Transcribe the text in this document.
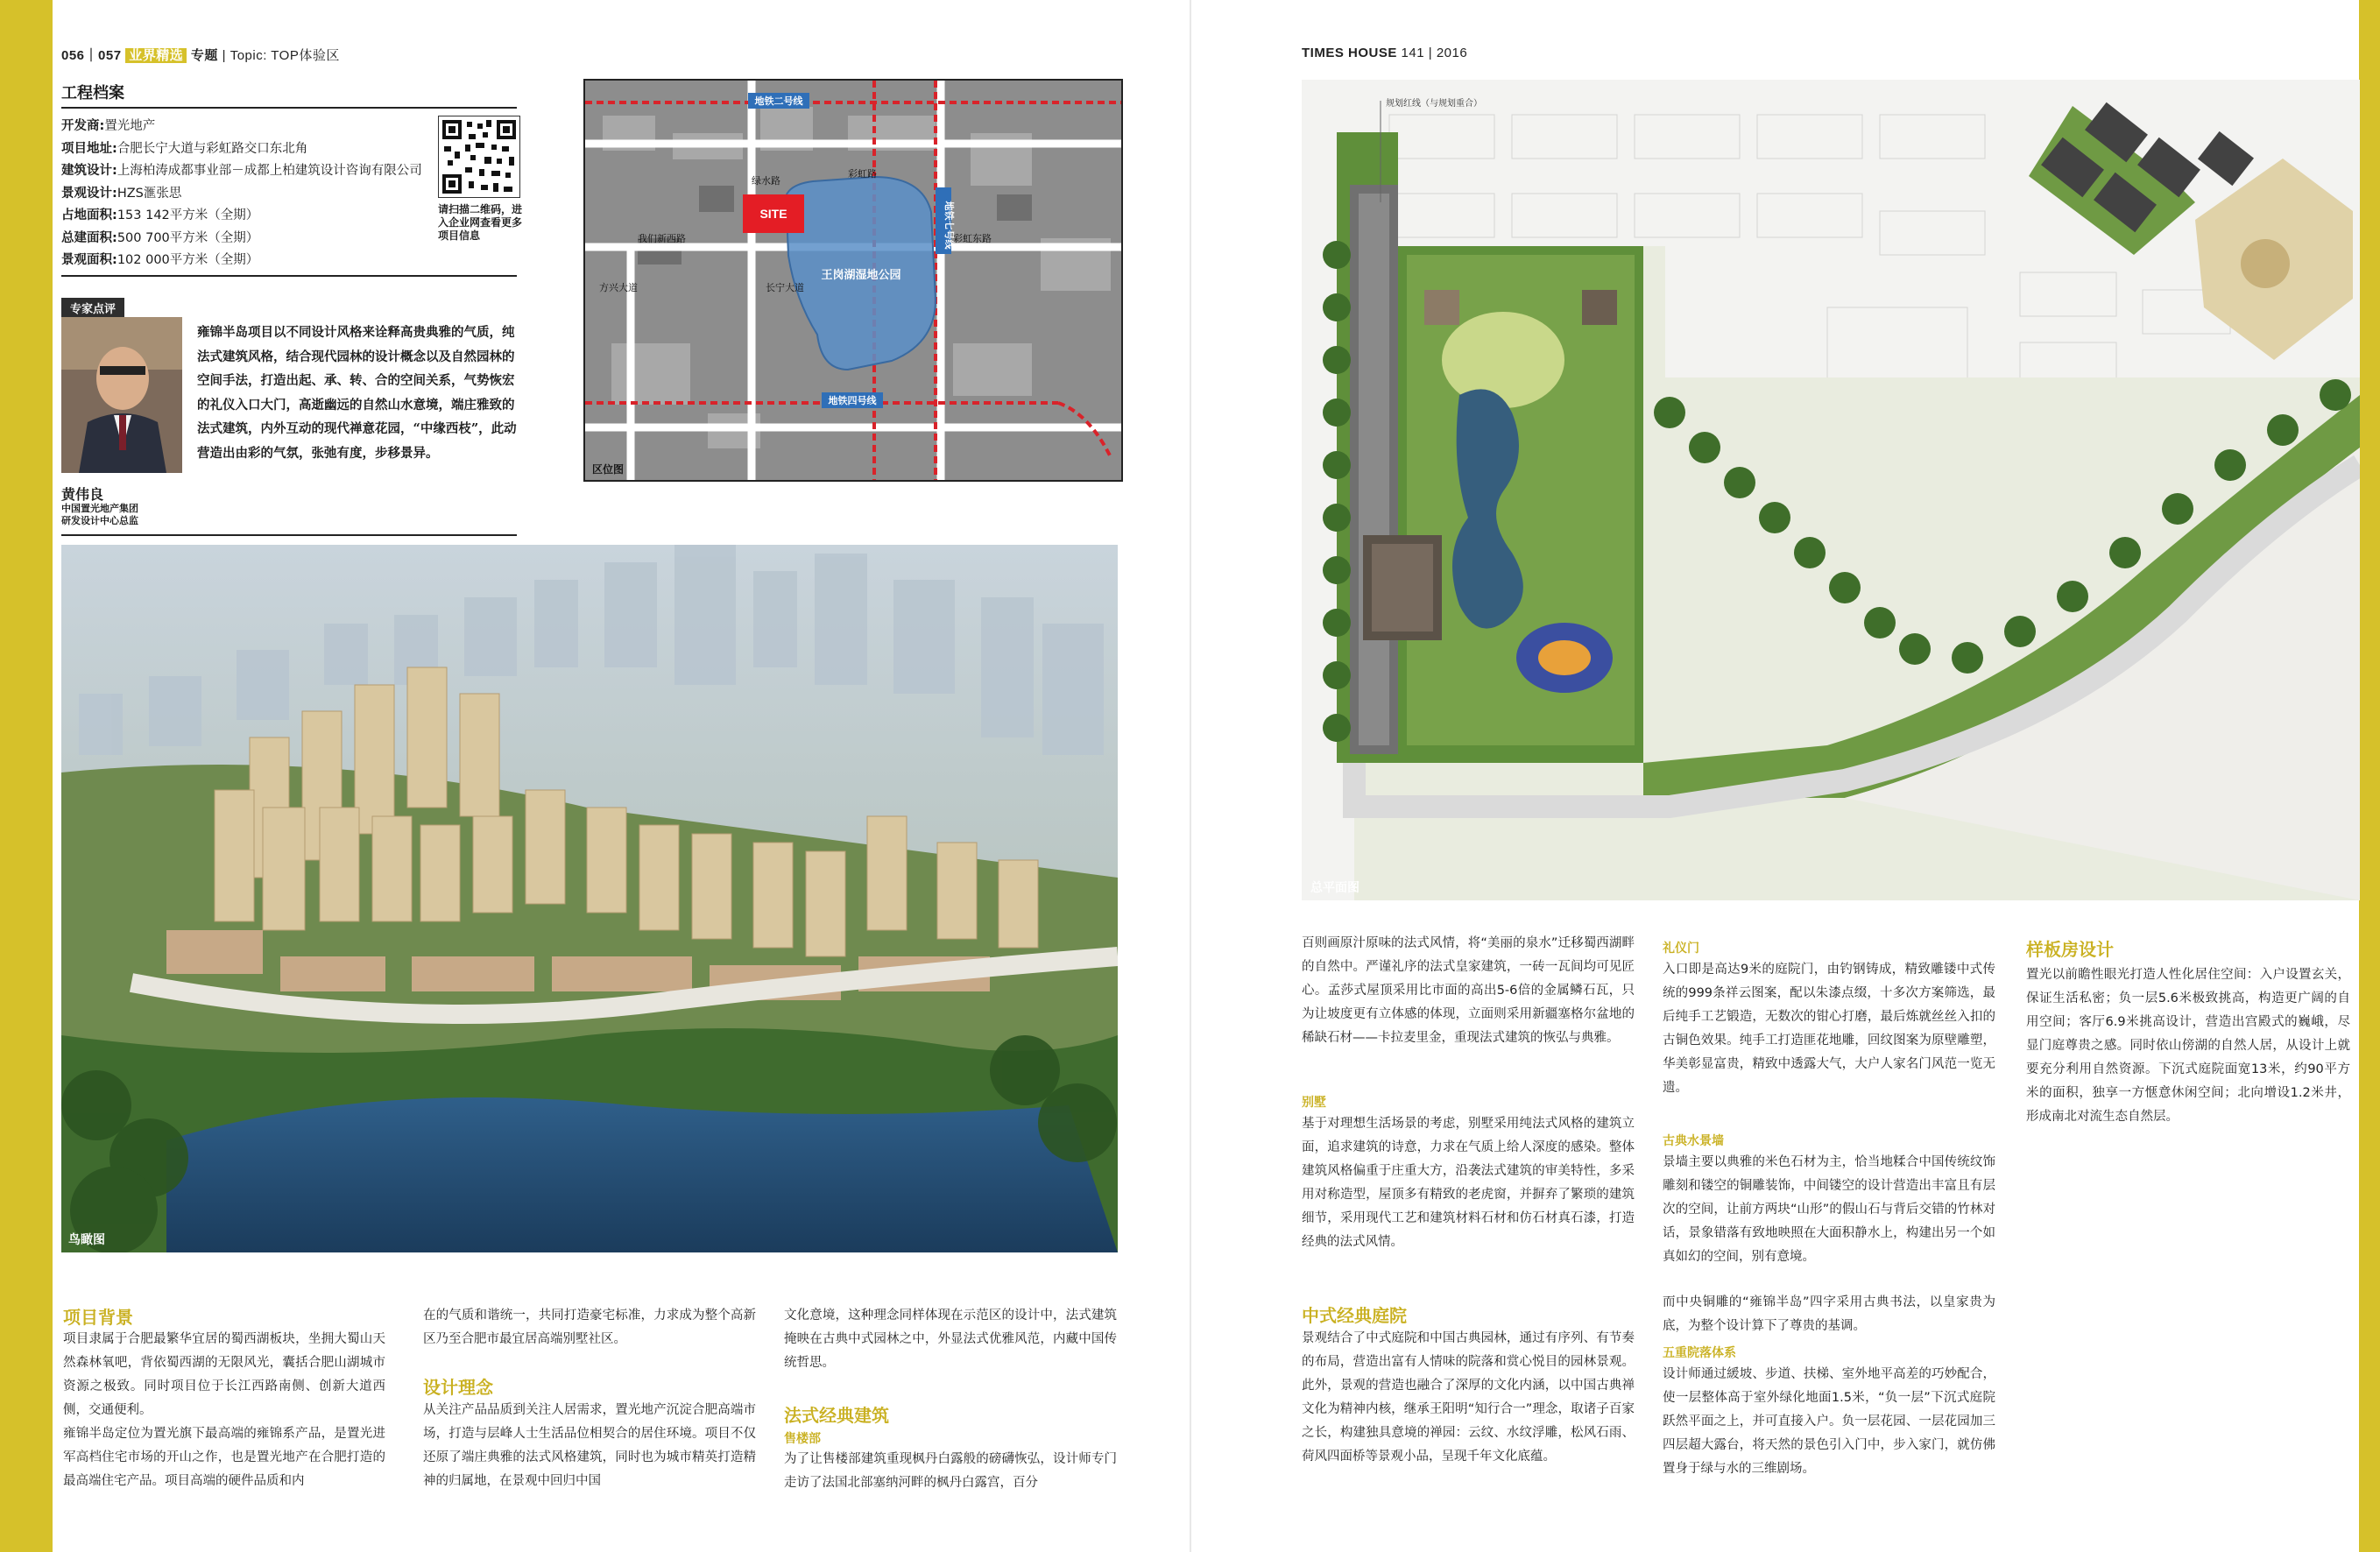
056｜057 业界精选 专题 | Topic: TOP体验区	TIMES HOUSE 141 | 2016
工程档案
开发商:置光地产
项目地址:合肥长宁大道与彩虹路交口东北角
建筑设计:上海柏涛成都事业部－成都上柏建筑设计咨询有限公司
景观设计:HZS滙张思
占地面积:153 142平方米（全期）
总建面积:500 700平方米（全期）
景观面积:102 000平方米（全期）
请扫描二维码，进入企业网查看更多项目信息
专家点评
黄伟良
中国置光地产集团
研发设计中心总监
雍锦半岛项目以不同设计风格来诠释高贵典雅的气质，纯法式建筑风格，结合现代园林的设计概念以及自然园林的空间手法，打造出起、承、转、合的空间关系，气势恢宏的礼仪入口大门，高逝幽远的自然山水意境，端庄雅致的法式建筑，内外互动的现代禅意花园，“中缘西枝”，此动营造出由彩的气氛，张弛有度，步移景异。
SITE
地铁二号线
地铁四号线
地铁七号线
王岗湖湿地公园
彩虹路
我们新西路
长宁大道
方兴大道
彩虹东路
绿水路
区位图
鸟瞰图
规划红线（与规划重合）
总平面图
项目背景
项目隶属于合肥最繁华宜居的蜀西湖板块，坐拥大蜀山天然森林氧吧，背依蜀西湖的无限风光，囊括合肥山湖城市资源之极致。同时项目位于长江西路南侧、创新大道西侧，交通便利。
雍锦半岛定位为置光旗下最高端的雍锦系产品，是置光进军高档住宅市场的开山之作，也是置光地产在合肥打造的最高端住宅产品。项目高端的硬件品质和内
在的气质和谐统一，共同打造豪宅标准，力求成为整个高新区乃至合肥市最宜居高端别墅社区。
设计理念
从关注产品品质到关注人居需求，置光地产沉淀合肥高端市场，打造与层峰人士生活品位相契合的居住环境。项目不仅还原了端庄典雅的法式风格建筑，同时也为城市精英打造精神的归属地，在景观中回归中国
文化意境，这种理念同样体现在示范区的设计中，法式建筑掩映在古典中式园林之中，外显法式优雅风范，内藏中国传统哲思。
法式经典建筑
售楼部
为了让售楼部建筑重现枫丹白露般的磅礴恢弘，设计师专门走访了法国北部塞纳河畔的枫丹白露宫，百分
百则画原汁原味的法式风情，将“美丽的泉水”迁移蜀西湖畔的自然中。严谨礼序的法式皇家建筑，一砖一瓦间均可见匠心。孟莎式屋顶采用比市面的高出5-6倍的金属鳞石瓦，只为让坡度更有立体感的体现，立面则采用新疆塞格尔盆地的稀缺石材——卡拉麦里金，重现法式建筑的恢弘与典雅。
别墅
基于对理想生活场景的考虑，别墅采用纯法式风格的建筑立面，追求建筑的诗意，力求在气质上给人深度的感染。整体建筑风格偏重于庄重大方，沿袭法式建筑的审美特性，多采用对称造型，屋顶多有精致的老虎窗，并摒弃了繁琐的建筑细节，采用现代工艺和建筑材料石材和仿石材真石漆，打造经典的法式风情。
中式经典庭院
景观结合了中式庭院和中国古典园林，通过有序列、有节奏的布局，营造出富有人情味的院落和赏心悦目的园林景观。此外，景观的营造也融合了深厚的文化内涵，以中国古典禅文化为精神内核，继承王阳明“知行合一”理念，取诸子百家之长，构建独具意境的禅园：云纹、水纹浮雕，松风石雨、荷风四面桥等景观小品，呈现千年文化底蕴。
礼仪门
入口即是高达9米的庭院门，由钓钢铸成，精致雕镂中式传统的999条祥云图案，配以朱漆点缀，十多次方案筛选，最后纯手工艺锻造，无数次的钳心打磨，最后炼就丝丝入扣的古铜色效果。纯手工打造匪花地雕，回纹图案为原壁雕塑，华美彰显富贵，精致中透露大气，大户人家名门风范一览无遗。
古典水景墙
景墙主要以典雅的米色石材为主，恰当地糅合中国传统纹饰雕刻和镂空的铜雕装饰，中间镂空的设计营造出丰富且有层次的空间，让前方两块“山形”的假山石与背后交错的竹林对话，景象错落有致地映照在大面积静水上，构建出另一个如真如幻的空间，别有意境。
而中央铜雕的“雍锦半岛”四字采用古典书法，以皇家贵为底，为整个设计算下了尊贵的基调。
五重院落体系
设计师通过緩坡、步道、扶梯、室外地平高差的巧妙配合，使一层整体高于室外绿化地面1.5米，“负一层”下沉式庭院跃然平面之上，并可直接入户。负一层花园、一层花园加三四层超大露台，将天然的景色引入门中，步入家门，就仿佛置身于绿与水的三维剧场。
样板房设计
置光以前瞻性眼光打造人性化居住空间：入户设置玄关，保证生活私密；负一层5.6米极致挑高，构造更广阔的自用空间；客厅6.9米挑高设计，营造出宫殿式的巍峨，尽显门庭尊贵之感。同时依山傍湖的自然人居，从设计上就要充分利用自然资源。下沉式庭院面宽13米，约90平方米的面积，独享一方惬意休闲空间；北向增设1.2米井，形成南北对流生态自然层。
